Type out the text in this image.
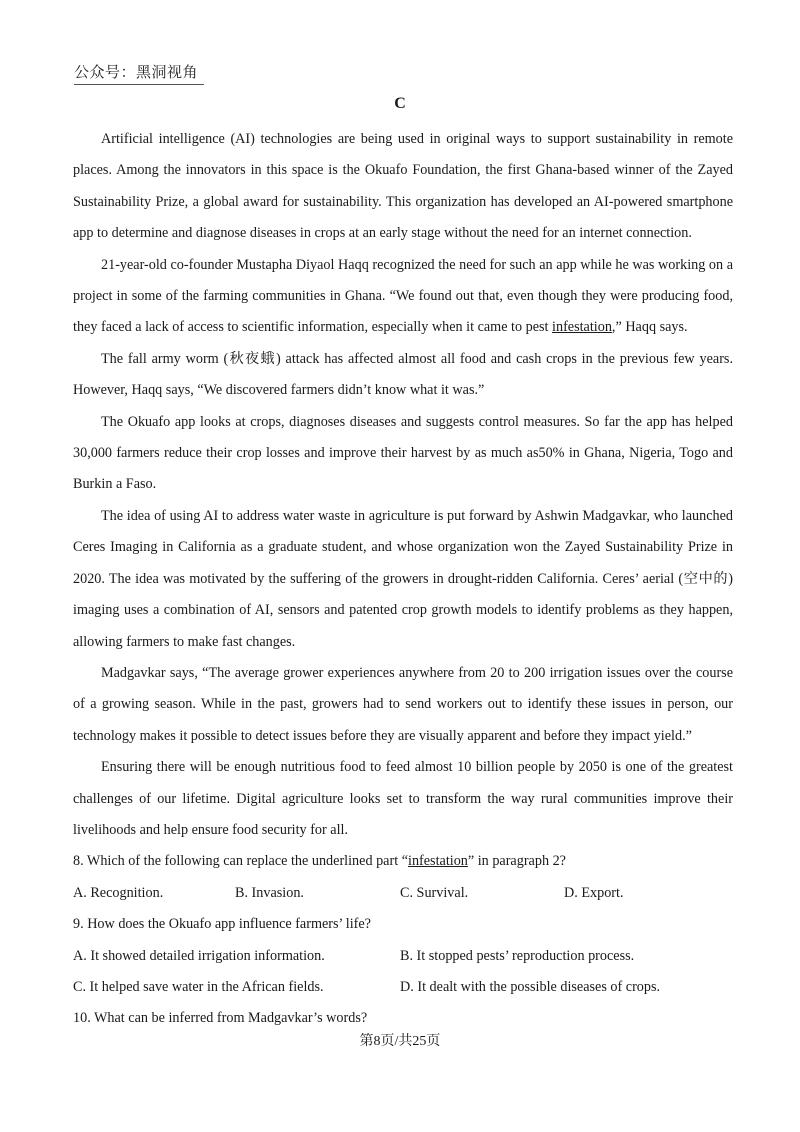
公众号：黑洞视角
C

Artificial intelligence (AI) technologies are being used in original ways to support sustainability in remote places. Among the innovators in this space is the Okuafo Foundation, the first Ghana-based winner of the Zayed Sustainability Prize, a global award for sustainability. This organization has developed an AI-powered smartphone app to determine and diagnose diseases in crops at an early stage without the need for an internet connection.

21-year-old co-founder Mustapha Diyaol Haqq recognized the need for such an app while he was working on a project in some of the farming communities in Ghana. “We found out that, even though they were producing food, they faced a lack of access to scientific information, especially when it came to pest infestation,” Haqq says.

The fall army worm (秋夜蛾) attack has affected almost all food and cash crops in the previous few years. However, Haqq says, “We discovered farmers didn’t know what it was.”

The Okuafo app looks at crops, diagnoses diseases and suggests control measures. So far the app has helped 30,000 farmers reduce their crop losses and improve their harvest by as much as50% in Ghana, Nigeria, Togo and Burkin a Faso.

The idea of using AI to address water waste in agriculture is put forward by Ashwin Madgavkar, who launched Ceres Imaging in California as a graduate student, and whose organization won the Zayed Sustainability Prize in 2020. The idea was motivated by the suffering of the growers in drought-ridden California. Ceres’ aerial (空中的) imaging uses a combination of AI, sensors and patented crop growth models to identify problems as they happen, allowing farmers to make fast changes.

Madgavkar says, “The average grower experiences anywhere from 20 to 200 irrigation issues over the course of a growing season. While in the past, growers had to send workers out to identify these issues in person, our technology makes it possible to detect issues before they are visually apparent and before they impact yield.”

Ensuring there will be enough nutritious food to feed almost 10 billion people by 2050 is one of the greatest challenges of our lifetime. Digital agriculture looks set to transform the way rural communities improve their livelihoods and help ensure food security for all.

8. Which of the following can replace the underlined part “infestation” in paragraph 2?

A. Recognition.	B. Invasion.	C. Survival.	D. Export.

9. How does the Okuafo app influence farmers’ life?

A. It showed detailed irrigation information.	B. It stopped pests’ reproduction process.
C. It helped save water in the African fields.	D. It dealt with the possible diseases of crops.

10. What can be inferred from Madgavkar’s words?

第8页/共25页
